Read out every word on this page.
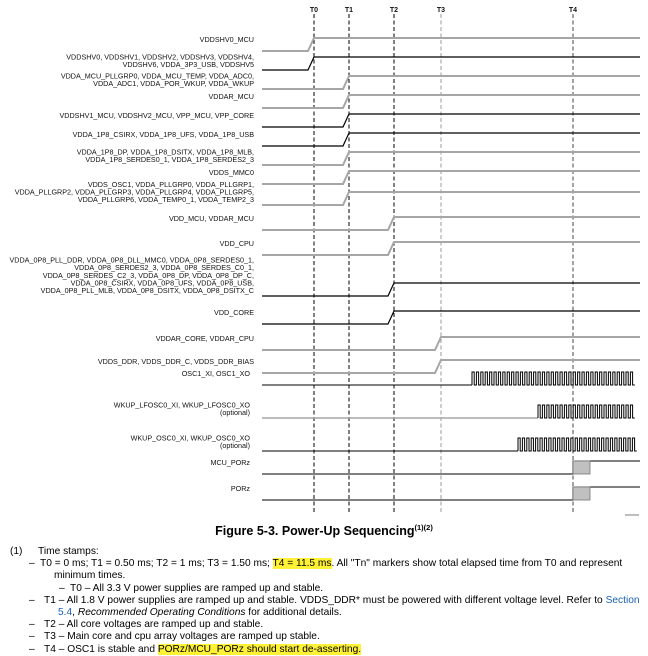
T0	T1	T2	T3	T4
VDDSHV0_MCU
VDDSHV0, VDDSHV1, VDDSHV2, VDDSHV3, VDDSHV4, VDDSHV6, VDDA_3P3_USB, VDDSHV5
VDDA_MCU_PLLGRP0, VDDA_MCU_TEMP, VDDA_ADC0, VDDA_ADC1, VDDA_POR_WKUP, VDDA_WKUP
VDDAR_MCU
VDDSHV1_MCU, VDDSHV2_MCU, VPP_MCU, VPP_CORE
VDDA_1P8_CSIRX, VDDA_1P8_UFS, VDDA_1P8_USB
VDDA_1P8_DP, VDDA_1P8_DSITX, VDDA_1P8_MLB, VDDA_1P8_SERDES0_1, VDDA_1P8_SERDES2_3
VDDS_MMC0
VDDS_OSC1, VDDA_PLLGRP0, VDDA_PLLGRP1, VDDA_PLLGRP2, VDDA_PLLGRP3, VDDA_PLLGRP4, VDDA_PLLGRP5, VDDA_PLLGRP6, VDDA_TEMP0_1, VDDA_TEMP2_3
VDD_MCU, VDDAR_MCU
VDD_CPU
VDDA_0P8_PLL_DDR, VDDA_0P8_DLL_MMC0, VDDA_0P8_SERDES0_1, VDDA_0P8_SERDES2_3, VDDA_0P8_SERDES_C0_1, VDDA_0P8_SERDES_C2_3, VDDA_0P8_DP, VDDA_0P8_DP_C, VDDA_0P8_CSIRX, VDDA_0P8_UFS, VDDA_0P8_USB, VDDA_0P8_PLL_MLB, VDDA_0P8_DSITX, VDDA_0P8_DSITX_C
VDD_CORE
VDDAR_CORE, VDDAR_CPU
VDDS_DDR, VDDS_DDR_C, VDDS_DDR_BIAS
OSC1_XI, OSC1_XO
WKUP_LFOSC0_XI, WKUP_LFOSC0_XO (optional)
WKUP_OSC0_XI, WKUP_OSC0_XO (optional)
MCU_PORz
PORz
Figure 5-3. Power-Up Sequencing$^{(1)(2)}$
(1)	Time stamps:
– T0 = 0 ms; T1 = 0.50 ms; T2 = 1 ms; T3 = 1.50 ms; T4 = 11.5 ms. All "Tn" markers show total elapsed time from T0 and represent minimum times.
– T0 – All 3.3 V power supplies are ramped up and stable.
– T1 – All 1.8 V power supplies are ramped up and stable. VDDS_DDR* must be powered with different voltage level. Refer to Section 5.4, Recommended Operating Conditions for additional details.
– T2 – All core voltages are ramped up and stable.
– T3 – Main core and cpu array voltages are ramped up stable.
– T4 – OSC1 is stable and PORz/MCU_PORz should start de-asserting.
